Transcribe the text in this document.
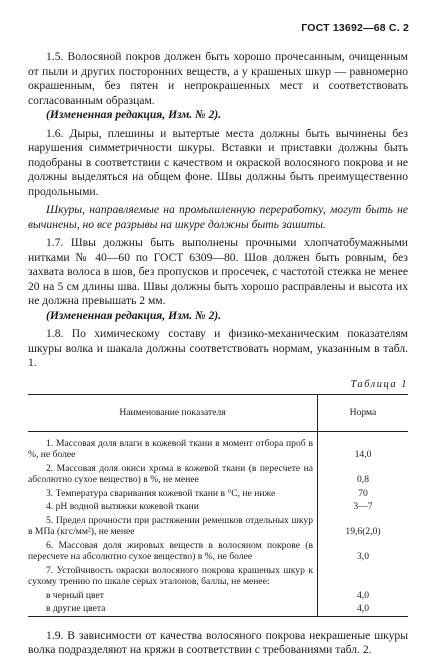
ГОСТ 13692—68 С. 2

1.5. Волосяной покров должен быть хорошо прочесанным, очищенным от пыли и других посторонних веществ, а у крашеных шкур — равномерно окрашенным, без пятен и непрокрашенных мест и соответствовать согласованным образцам.

(Измененная редакция, Изм. № 2).

1.6. Дыры, плешины и вытертые места должны быть вычинены без нарушения симметричности шкуры. Вставки и приставки должны быть подобраны в соответствии с качеством и окраской волосяного покрова и не должны выделяться на общем фоне. Швы должны быть преимущественно продольными.

Шкуры, направляемые на промышленную переработку, могут быть не вычинены, но все разрывы на шкуре должны быть зашиты.

1.7. Швы должны быть выполнены прочными хлопчатобумажными нитками № 40—60 по ГОСТ 6309—80. Шов должен быть ровным, без захвата волоса в шов, без пропусков и просечек, с частотой стежка не менее 20 на 5 см длины шва. Швы должны быть хорошо расправлены и высота их не должна превышать 2 мм.

(Измененная редакция, Изм. № 2).

1.8. По химическому составу и физико-механическим показателям шкуры волка и шакала должны соответствовать нормам, указанным в табл. 1.

Таблица 1
Наименование показателя	Норма
1. Массовая доля влаги в кожевой ткани в момент отбора проб в %, не более	14,0
2. Массовая доля окиси хрома в кожевой ткани (в пересчете на абсолютно сухое вещество) в %, не менее	0,8
3. Температура сваривания кожевой ткани в °С, не ниже	70
4. рН водной вытяжки кожевой ткани	3—7
5. Предел прочности при растяжении ремешков отдельных шкур в МПа (кгс/мм²), не менее	19,6(2,0)
6. Массовая доля жировых веществ в волосяном покрове (в пересчете на абсолютно сухое вещество) в %, не более	3,0
7. Устойчивость окраски волосяного покрова крашеных шкур к сухому трению по шкале серых эталонов, баллы, не менее:	
в черный цвет	4,0
в другие цвета	4,0

1.9. В зависимости от качества волосяного покрова некрашеные шкуры волка подразделяют на кряжи в соответствии с требованиями табл. 2.
